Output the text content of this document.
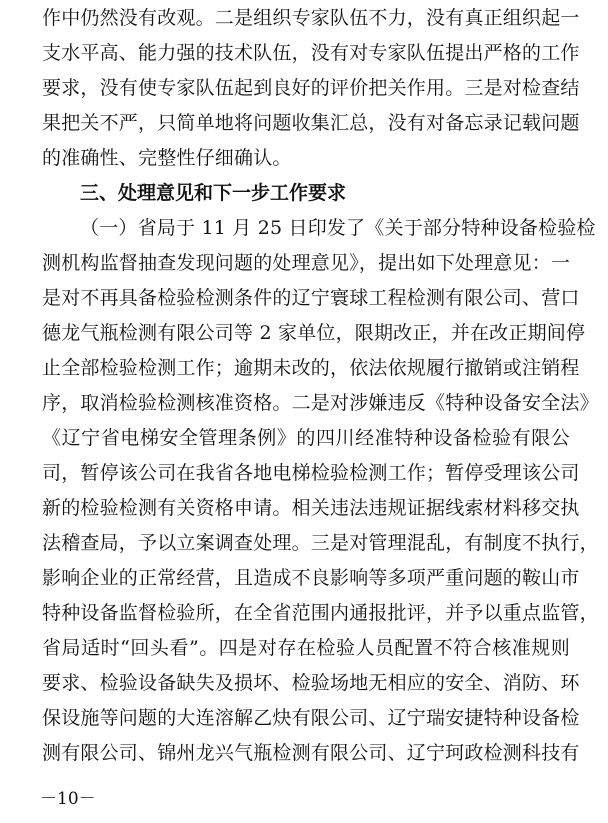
作中仍然没有改观。二是组织专家队伍不力，没有真正组织起一
支水平高、能力强的技术队伍，没有对专家队伍提出严格的工作
要求，没有使专家队伍起到良好的评价把关作用。三是对检查结
果把关不严，只简单地将问题收集汇总，没有对备忘录记载问题
的准确性、完整性仔细确认。
三、处理意见和下一步工作要求
（一）省局于 11 月 25 日印发了《关于部分特种设备检验检
测机构监督抽查发现问题的处理意见》，提出如下处理意见：一
是对不再具备检验检测条件的辽宁寰球工程检测有限公司、营口
德龙气瓶检测有限公司等 2 家单位，限期改正，并在改正期间停
止全部检验检测工作；逾期未改的，依法依规履行撤销或注销程
序，取消检验检测核准资格。二是对涉嫌违反《特种设备安全法》
《辽宁省电梯安全管理条例》的四川经准特种设备检验有限公
司，暂停该公司在我省各地电梯检验检测工作；暂停受理该公司
新的检验检测有关资格申请。相关违法违规证据线索材料移交执
法稽查局，予以立案调查处理。三是对管理混乱，有制度不执行，
影响企业的正常经营，且造成不良影响等多项严重问题的鞍山市
特种设备监督检验所，在全省范围内通报批评，并予以重点监管，
省局适时“回头看”。四是对存在检验人员配置不符合核准规则
要求、检验设备缺失及损坏、检验场地无相应的安全、消防、环
保设施等问题的大连溶解乙炔有限公司、辽宁瑞安捷特种设备检
测有限公司、锦州龙兴气瓶检测有限公司、辽宁珂政检测科技有
－10－
